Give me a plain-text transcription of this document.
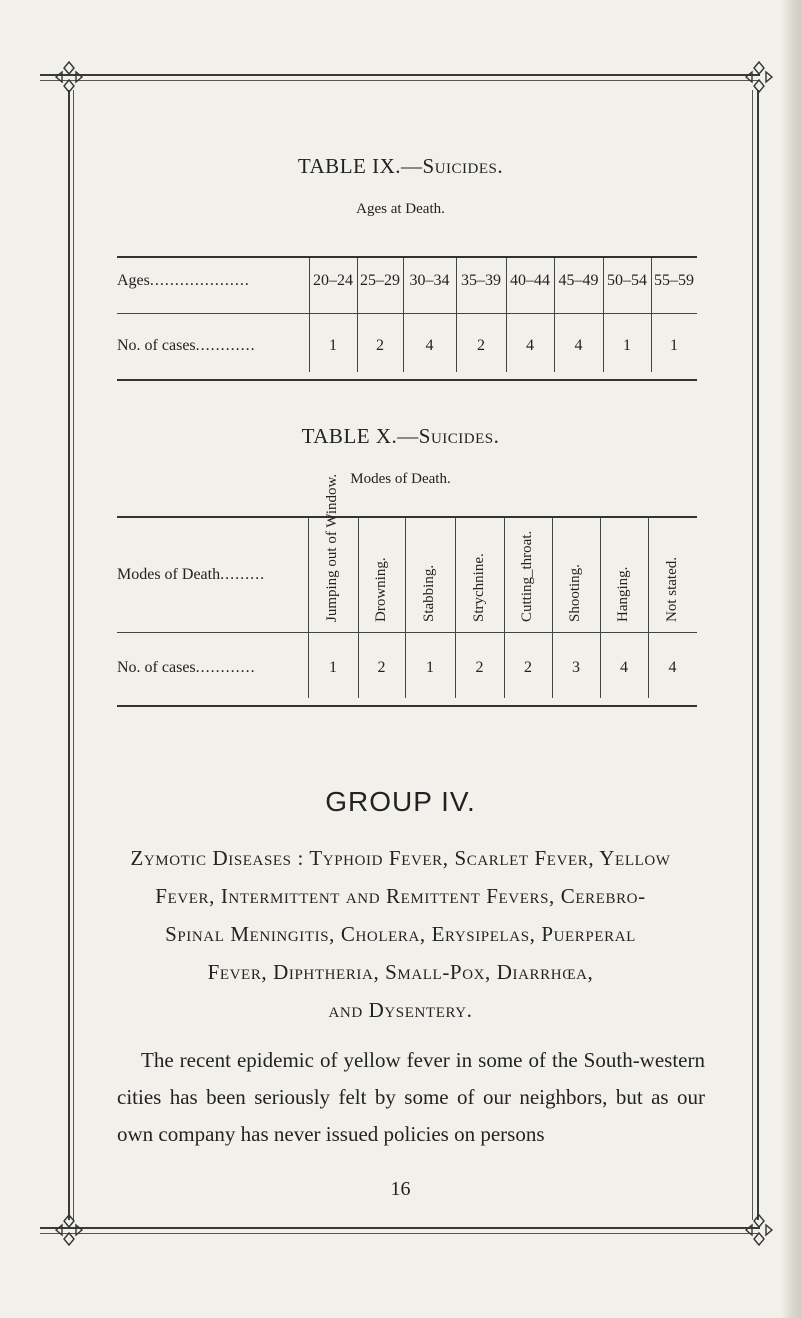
TABLE IX.—Suicides.
Ages at Death.
Ages....................
No. of cases............
20–24
1
25–29
2
30–34
4
35–39
2
40–44
4
45–49
4
50–54
1
55–59
1
TABLE X.—Suicides.
Modes of Death.
Modes of Death.........
No. of cases............
Jumping out of Window.
1
Drowning.
2
Stabbing.
1
Strychnine.
2
Cutting_throat.
2
Shooting.
3
Hanging.
4
Not stated.
4
GROUP IV.
Zymotic Diseases : Typhoid Fever, Scarlet Fever, Yellow
Fever, Intermittent and Remittent Fevers, Cerebro-
Spinal Meningitis, Cholera, Erysipelas, Puerperal
Fever, Diphtheria, Small-Pox, Diarrhœa,
and Dysentery.

The recent epidemic of yellow fever in some of the South-western cities has been seriously felt by some of our neighbors, but as our own company has never issued policies on persons

16
